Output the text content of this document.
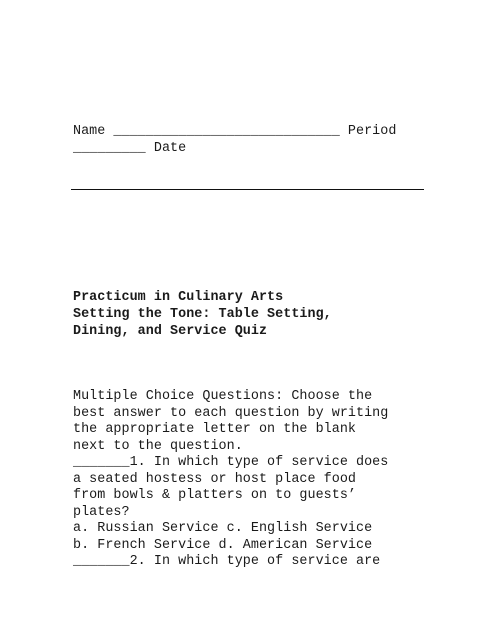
Name ____________________________ Period
_________ Date
Practicum in Culinary Arts
Setting the Tone: Table Setting,
Dining, and Service Quiz
Multiple Choice Questions: Choose the
best answer to each question by writing
the appropriate letter on the blank
next to the question.
_______1. In which type of service does
a seated hostess or host place food
from bowls & platters on to guests’
plates?
a. Russian Service c. English Service
b. French Service d. American Service
_______2. In which type of service are
